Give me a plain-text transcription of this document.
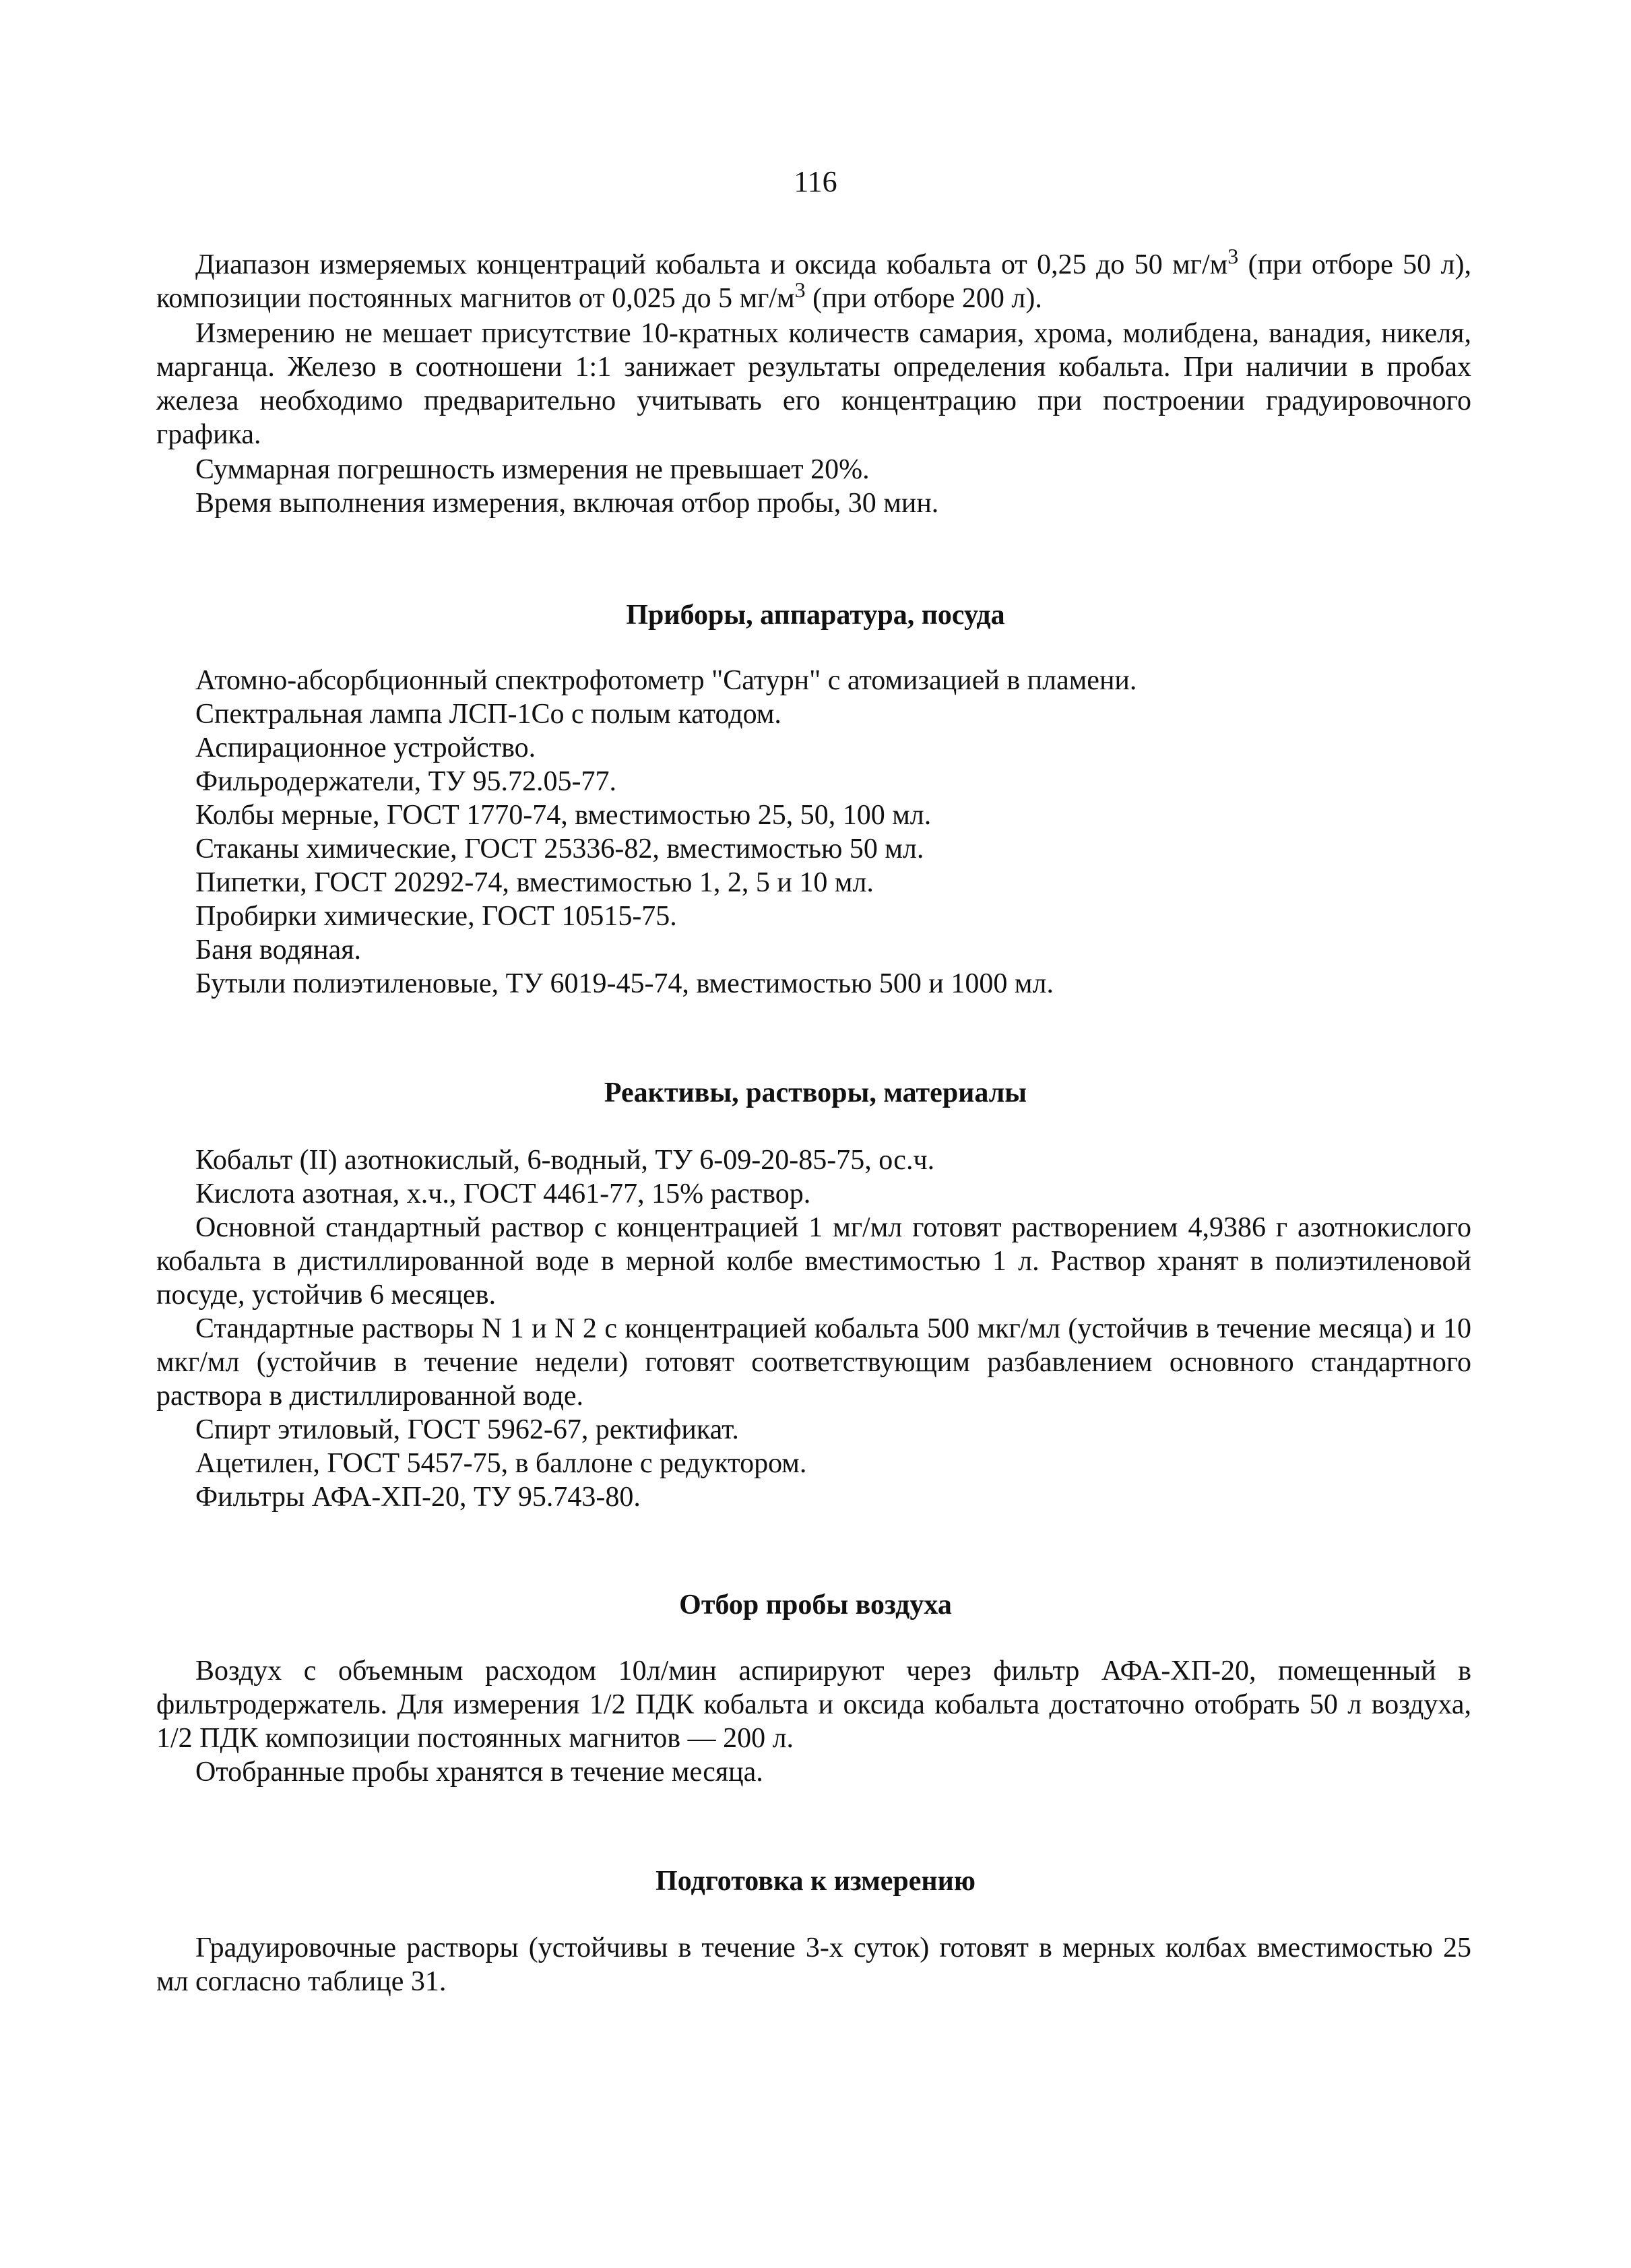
116

Диапазон измеряемых концентраций кобальта и оксида кобальта от 0,25 до 50 $мг/м^3$ (при отборе 50 л), композиции постоянных магнитов от 0,025 до 5 $мг/м^3$ (при отборе 200 л).

Измерению не мешает присутствие 10-кратных количеств самария, хрома, молибдена, ванадия, никеля, марганца. Железо в соотношени 1:1 занижает результаты определения кобальта. При наличии в пробах железа необходимо предварительно учитывать его концентрацию при построении градуировочного графика.

Суммарная погрешность измерения не превышает 20%.

Время выполнения измерения, включая отбор пробы, 30 мин.

Приборы, аппаратура, посуда

Атомно-абсорбционный спектрофотометр "Сатурн" с атомизацией в пламени.

Спектральная лампа ЛСП-1Со с полым катодом.

Аспирационное устройство.

Фильродержатели, ТУ 95.72.05-77.

Колбы мерные, ГОСТ 1770-74, вместимостью 25, 50, 100 мл.

Стаканы химические, ГОСТ 25336-82, вместимостью 50 мл.

Пипетки, ГОСТ 20292-74, вместимостью 1, 2, 5 и 10 мл.

Пробирки химические, ГОСТ 10515-75.

Баня водяная.

Бутыли полиэтиленовые, ТУ 6019-45-74, вместимостью 500 и 1000 мл.

Реактивы, растворы, материалы

Кобальт (II) азотнокислый, 6-водный, ТУ 6-09-20-85-75, ос.ч.

Кислота азотная, х.ч., ГОСТ 4461-77, 15% раствор.

Основной стандартный раствор с концентрацией 1 мг/мл готовят растворением 4,9386 г азотнокислого кобальта в дистиллированной воде в мерной колбе вместимостью 1 л. Раствор хранят в полиэтиленовой посуде, устойчив 6 месяцев.

Стандартные растворы N 1 и N 2 с концентрацией кобальта 500 мкг/мл (устойчив в течение месяца) и 10 мкг/мл (устойчив в течение недели) готовят соответствующим разбавлением основного стандартного раствора в дистиллированной воде.

Спирт этиловый, ГОСТ 5962-67, ректификат.

Ацетилен, ГОСТ 5457-75, в баллоне с редуктором.

Фильтры АФА-ХП-20, ТУ 95.743-80.

Отбор пробы воздуха

Воздух с объемным расходом 10л/мин аспирируют через фильтр АФА-ХП-20, помещенный в фильтродержатель. Для измерения 1/2 ПДК кобальта и оксида кобальта достаточно отобрать 50 л воздуха, 1/2 ПДК композиции постоянных магнитов — 200 л.

Отобранные пробы хранятся в течение месяца.

Подготовка к измерению

Градуировочные растворы (устойчивы в течение 3-х суток) готовят в мерных колбах вместимостью 25 мл согласно таблице 31.
